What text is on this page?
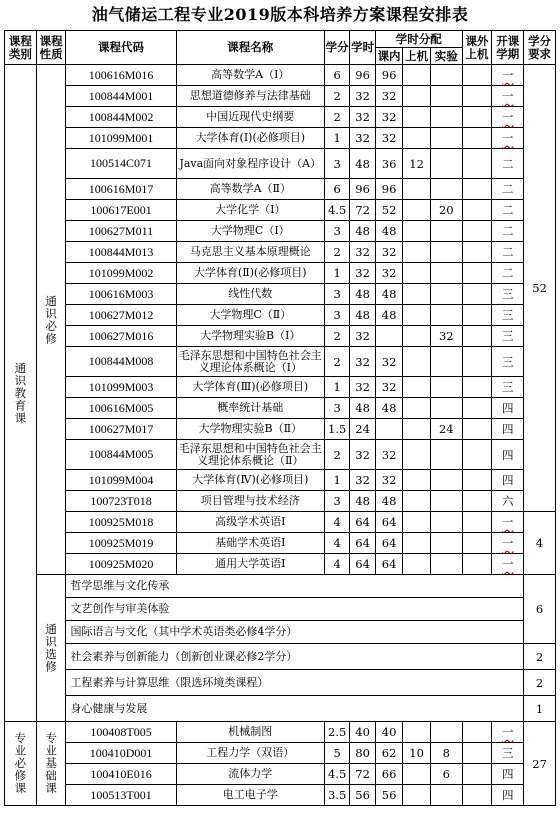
油气储运工程专业2019版本科培养方案课程安排表
课程类别	课程性质	课程代码	课程名称	学分	学时	学时分配			课外上机	开课学期	学分要求
						课内	上机	实验			

通识教育课	通识必修	100616M016	高等数学A（Ⅰ）	6	96	96				一	52
		100844M001	思想道德修养与法律基础	2	32	32				一	
		100844M002	中国近现代史纲要	2	32	32				一	
		101099M001	大学体育(Ⅰ)(必修项目)	1	32	32				一	
		100514C071	Java面向对象程序设计（A）	3	48	36	12			二	
		100616M017	高等数学A（Ⅱ）	6	96	96				二	
		100617E001	大学化学（Ⅰ）	4.5	72	52		20		二	
		100627M011	大学物理C（Ⅰ）	3	48	48				二	
		100844M013	马克思主义基本原理概论	2	32	32				二	
		101099M002	大学体育(Ⅱ)(必修项目)	1	32	32				二	
		100616M003	线性代数	3	48	48				三	
		100627M012	大学物理C（Ⅱ）	3	48	48				三	
		100627M016	大学物理实验B（Ⅰ）	2	32			32		三	
		100844M008	毛泽东思想和中国特色社会主义理论体系概论（Ⅰ）	2	32	32				三	
		101099M003	大学体育(Ⅲ)(必修项目)	1	32	32				三	
		100616M005	概率统计基础	3	48	48				四	
		100627M017	大学物理实验B（Ⅱ）	1.5	24			24		四	
		100844M005	毛泽东思想和中国特色社会主义理论体系概论（Ⅱ）	2	32	32				四	
		101099M004	大学体育(Ⅳ)(必修项目)	1	32	32				四	
		100723T018	项目管理与技术经济	3	48	48				六	
		100925M018	高级学术英语Ⅰ	4	64	64				一	4
		100925M019	基础学术英语Ⅰ	4	64	64				一	
		100925M020	通用大学英语Ⅰ	4	64	64				一	

	通识选修	哲学思维与文化传承									6
		文艺创作与审美体验									
		国际语言与文化（其中学术英语类必修4学分）									
		社会素养与创新能力（创新创业课必修2学分）									2
		工程素养与计算思维（限选环境类课程）									2
		身心健康与发展									1

专业必修课	专业基础课	100408T005	机械制图	2.5	40	40				一	27
		100410D001	工程力学（双语）	5	80	62	10	8		三	
		100410E016	流体力学	4.5	72	66		6		四	
		100513T001	电工电子学	3.5	56	56				四	
